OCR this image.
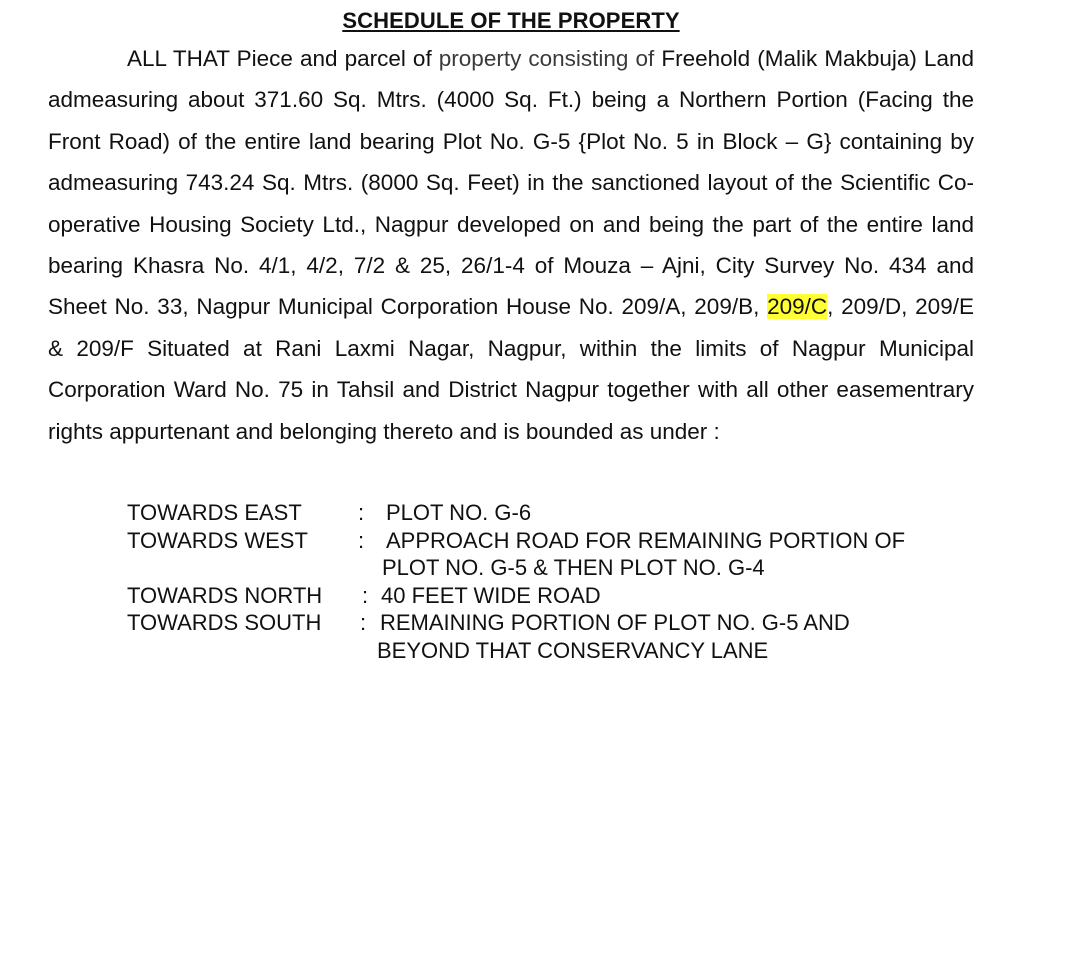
SCHEDULE OF THE PROPERTY
ALL THAT Piece and parcel of property consisting of Freehold (Malik Makbuja) Land admeasuring about 371.60 Sq. Mtrs. (4000 Sq. Ft.) being a Northern Portion (Facing the Front Road) of the entire land bearing Plot No. G-5 {Plot No. 5 in Block – G} containing by admeasuring 743.24 Sq. Mtrs. (8000 Sq. Feet) in the sanctioned layout of the Scientific Co-operative Housing Society Ltd., Nagpur developed on and being the part of the entire land bearing Khasra No. 4/1, 4/2, 7/2 & 25, 26/1-4 of Mouza – Ajni, City Survey No. 434 and Sheet No. 33, Nagpur Municipal Corporation House No. 209/A, 209/B, 209/C, 209/D, 209/E & 209/F Situated at Rani Laxmi Nagar, Nagpur, within the limits of Nagpur Municipal Corporation Ward No. 75 in Tahsil and District Nagpur together with all other easementrary rights appurtenant and belonging thereto and is bounded as under :
TOWARDS EAST	: PLOT NO. G-6
TOWARDS WEST : APPROACH ROAD FOR REMAINING PORTION OF
PLOT NO. G-5 & THEN PLOT NO. G-4
TOWARDS NORTH : 40 FEET WIDE ROAD
TOWARDS SOUTH : REMAINING PORTION OF PLOT NO. G-5 AND
BEYOND THAT CONSERVANCY LANE
